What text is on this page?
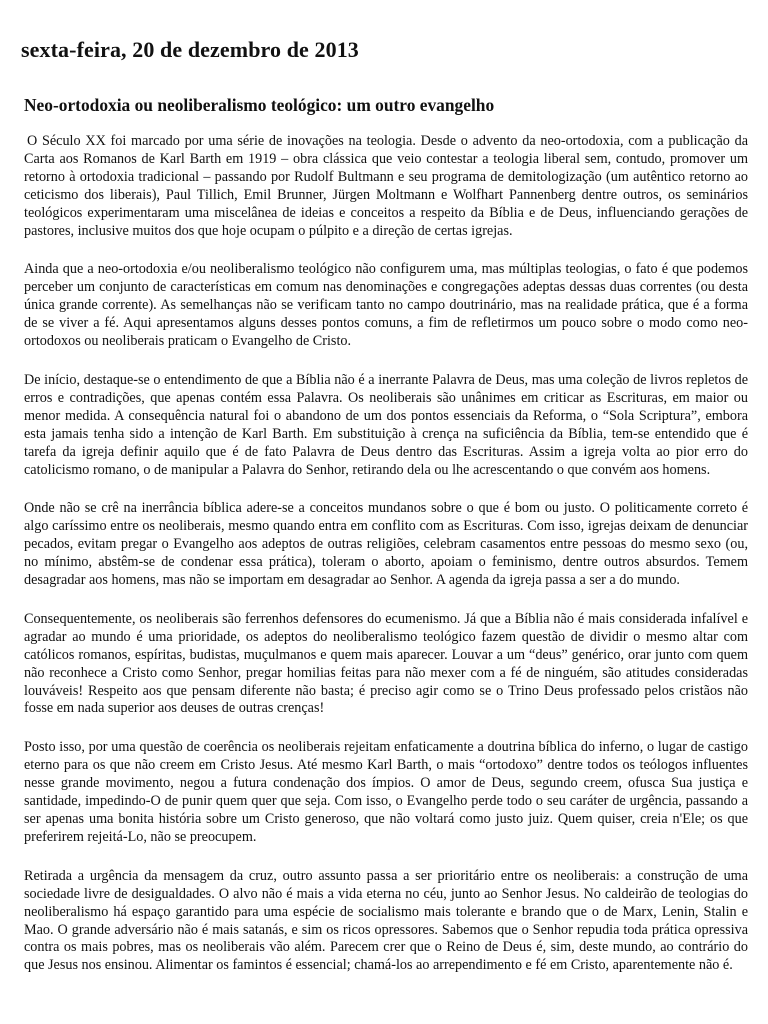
sexta-feira, 20 de dezembro de 2013
Neo-ortodoxia ou neoliberalismo teológico: um outro evangelho

O Século XX foi marcado por uma série de inovações na teologia. Desde o advento da neo-ortodoxia, com a publicação da Carta aos Romanos de Karl Barth em 1919 – obra clássica que veio contestar a teologia liberal sem, contudo, promover um retorno à ortodoxia tradicional – passando por Rudolf Bultmann e seu programa de demitologização (um autêntico retorno ao ceticismo dos liberais), Paul Tillich, Emil Brunner, Jürgen Moltmann e Wolfhart Pannenberg dentre outros, os seminários teológicos experimentaram uma miscelânea de ideias e conceitos a respeito da Bíblia e de Deus, influenciando gerações de pastores, inclusive muitos dos que hoje ocupam o púlpito e a direção de certas igrejas.

Ainda que a neo-ortodoxia e/ou neoliberalismo teológico não configurem uma, mas múltiplas teologias, o fato é que podemos perceber um conjunto de características em comum nas denominações e congregações adeptas dessas duas correntes (ou desta única grande corrente). As semelhanças não se verificam tanto no campo doutrinário, mas na realidade prática, que é a forma de se viver a fé. Aqui apresentamos alguns desses pontos comuns, a fim de refletirmos um pouco sobre o modo como neo-ortodoxos ou neoliberais praticam o Evangelho de Cristo.

De início, destaque-se o entendimento de que a Bíblia não é a inerrante Palavra de Deus, mas uma coleção de livros repletos de erros e contradições, que apenas contém essa Palavra. Os neoliberais são unânimes em criticar as Escrituras, em maior ou menor medida. A consequência natural foi o abandono de um dos pontos essenciais da Reforma, o “Sola Scriptura”, embora esta jamais tenha sido a intenção de Karl Barth. Em substituição à crença na suficiência da Bíblia, tem-se entendido que é tarefa da igreja definir aquilo que é de fato Palavra de Deus dentro das Escrituras. Assim a igreja volta ao pior erro do catolicismo romano, o de manipular a Palavra do Senhor, retirando dela ou lhe acrescentando o que convém aos homens.

Onde não se crê na inerrância bíblica adere-se a conceitos mundanos sobre o que é bom ou justo. O politicamente correto é algo caríssimo entre os neoliberais, mesmo quando entra em conflito com as Escrituras. Com isso, igrejas deixam de denunciar pecados, evitam pregar o Evangelho aos adeptos de outras religiões, celebram casamentos entre pessoas do mesmo sexo (ou, no mínimo, abstêm-se de condenar essa prática), toleram o aborto, apoiam o feminismo, dentre outros absurdos. Temem desagradar aos homens, mas não se importam em desagradar ao Senhor. A agenda da igreja passa a ser a do mundo.

Consequentemente, os neoliberais são ferrenhos defensores do ecumenismo. Já que a Bíblia não é mais considerada infalível e agradar ao mundo é uma prioridade, os adeptos do neoliberalismo teológico fazem questão de dividir o mesmo altar com católicos romanos, espíritas, budistas, muçulmanos e quem mais aparecer. Louvar a um “deus” genérico, orar junto com quem não reconhece a Cristo como Senhor, pregar homilias feitas para não mexer com a fé de ninguém, são atitudes consideradas louváveis! Respeito aos que pensam diferente não basta; é preciso agir como se o Trino Deus professado pelos cristãos não fosse em nada superior aos deuses de outras crenças!

Posto isso, por uma questão de coerência os neoliberais rejeitam enfaticamente a doutrina bíblica do inferno, o lugar de castigo eterno para os que não creem em Cristo Jesus. Até mesmo Karl Barth, o mais “ortodoxo” dentre todos os teólogos influentes nesse grande movimento, negou a futura condenação dos ímpios. O amor de Deus, segundo creem, ofusca Sua justiça e santidade, impedindo-O de punir quem quer que seja. Com isso, o Evangelho perde todo o seu caráter de urgência, passando a ser apenas uma bonita história sobre um Cristo generoso, que não voltará como justo juiz. Quem quiser, creia n'Ele; os que preferirem rejeitá-Lo, não se preocupem.

Retirada a urgência da mensagem da cruz, outro assunto passa a ser prioritário entre os neoliberais: a construção de uma sociedade livre de desigualdades. O alvo não é mais a vida eterna no céu, junto ao Senhor Jesus. No caldeirão de teologias do neoliberalismo há espaço garantido para uma espécie de socialismo mais tolerante e brando que o de Marx, Lenin, Stalin e Mao. O grande adversário não é mais satanás, e sim os ricos opressores. Sabemos que o Senhor repudia toda prática opressiva contra os mais pobres, mas os neoliberais vão além. Parecem crer que o Reino de Deus é, sim, deste mundo, ao contrário do que Jesus nos ensinou. Alimentar os famintos é essencial; chamá-los ao arrependimento e fé em Cristo, aparentemente não é.
